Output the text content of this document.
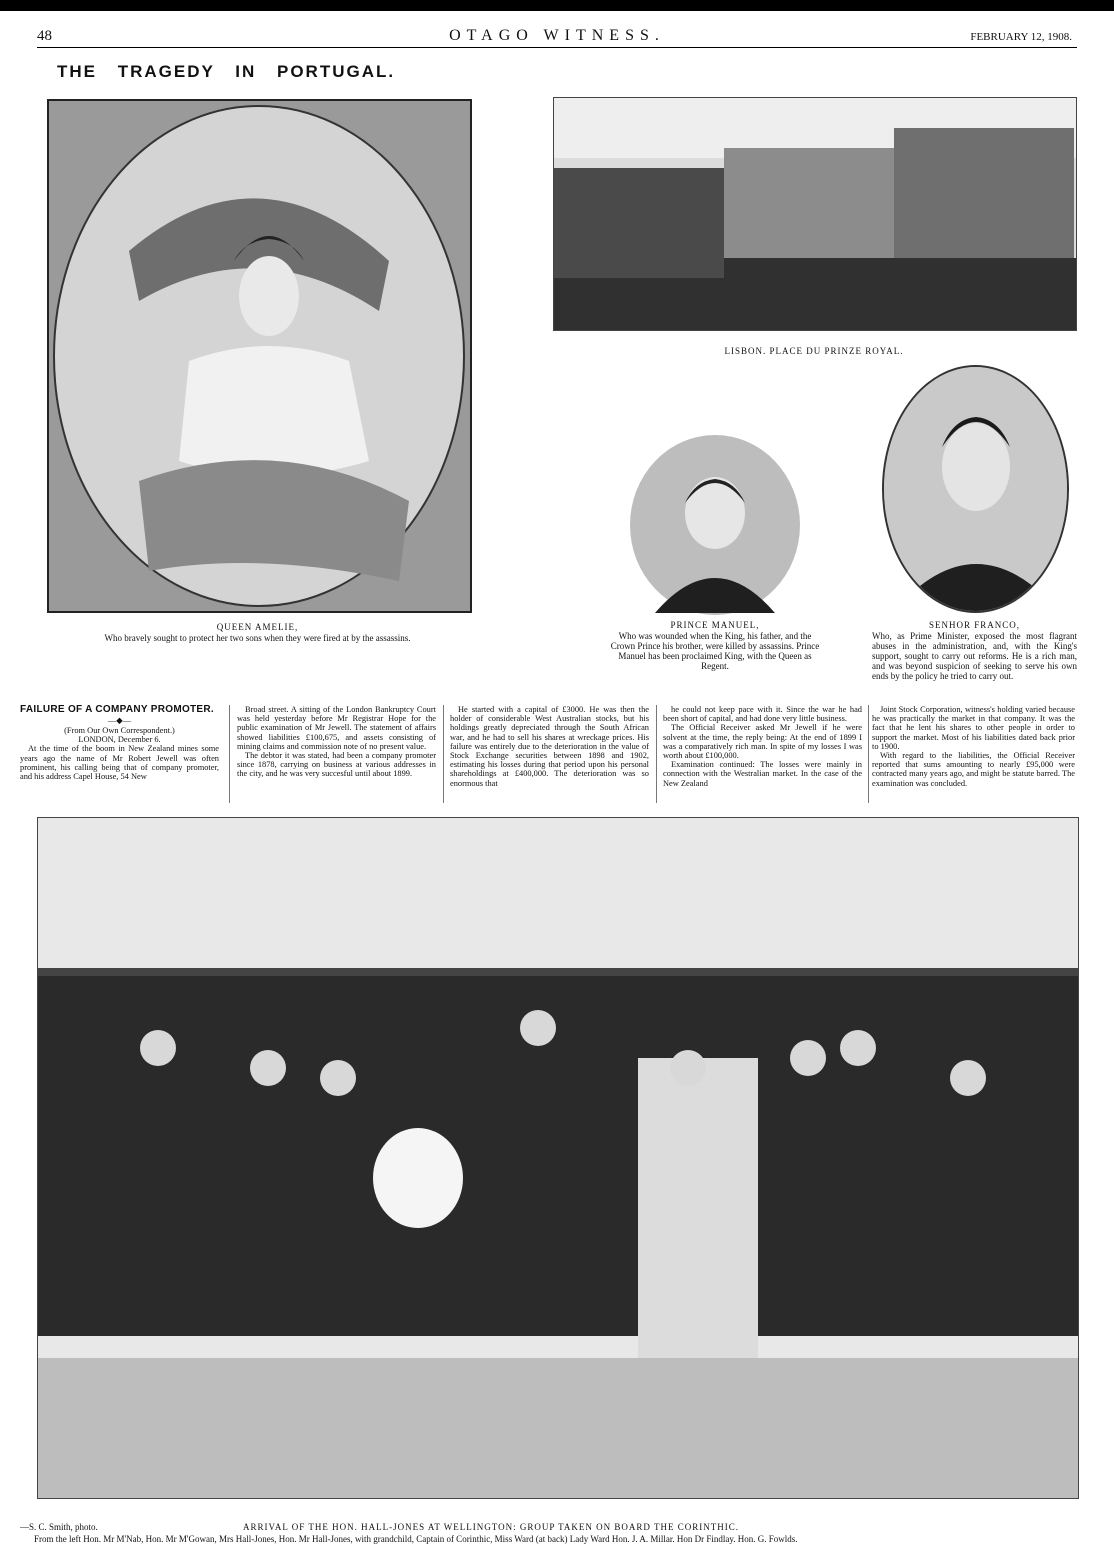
48	OTAGO WITNESS.	FEBRUARY 12, 1908.
THE TRAGEDY IN PORTUGAL.
QUEEN AMELIE,
Who bravely sought to protect her two sons when they were fired at by the assassins.
LISBON. PLACE DU PRINZE ROYAL.
PRINCE MANUEL,
Who was wounded when the King, his father, and the Crown Prince his brother, were killed by assassins. Prince Manuel has been proclaimed King, with the Queen as Regent.
SENHOR FRANCO,
Who, as Prime Minister, exposed the most flagrant abuses in the administration, and, with the King's support, sought to carry out reforms. He is a rich man, and was beyond suspicion of seeking to serve his own ends by the policy he tried to carry out.
FAILURE OF A COMPANY PROMOTER.
—◆—
(From Our Own Correspondent.)
LONDON, December 6.

At the time of the boom in New Zealand mines some years ago the name of Mr Robert Jewell was often prominent, his calling being that of company promoter, and his address Capel House, 54 New

Broad street. A sitting of the London Bankruptcy Court was held yesterday before Mr Registrar Hope for the public examination of Mr Jewell. The statement of affairs showed liabilities £100,675, and assets consisting of mining claims and commission note of no present value.

The debtor it was stated, had been a company promoter since 1878, carrying on business at various addresses in the city, and he was very succesful until about 1899.

He started with a capital of £3000. He was then the holder of considerable West Australian stocks, but his holdings greatly depreciated through the South African war, and he had to sell his shares at wreckage prices. His failure was entirely due to the deterioration in the value of Stock Exchange securities between 1898 and 1902, estimating his losses during that period upon his personal shareholdings at £400,000. The deterioration was so enormous that

he could not keep pace with it. Since the war he had been short of capital, and had done very little business.

The Official Receiver asked Mr Jewell if he were solvent at the time, the reply being: At the end of 1899 I was a comparatively rich man. In spite of my losses I was worth about £100,000.

Examination continued: The losses were mainly in connection with the Westralian market. In the case of the New Zealand

Joint Stock Corporation, witness's holding varied because he was practically the market in that company. It was the fact that he lent his shares to other people in order to support the market. Most of his liabilities dated back prior to 1900.

With regard to the liabilities, the Official Receiver reported that sums amounting to nearly £95,000 were contracted many years ago, and might be statute barred. The examination was concluded.

—S. C. Smith, photo.	ARRIVAL OF THE HON. HALL-JONES AT WELLINGTON: GROUP TAKEN ON BOARD THE CORINTHIC.
From the left Hon. Mr M'Nab, Hon. Mr M'Gowan, Mrs Hall-Jones, Hon. Mr Hall-Jones, with grandchild, Captain of Corinthic, Miss Ward (at back) Lady Ward Hon. J. A. Millar. Hon Dr Findlay. Hon. G. Fowlds.
